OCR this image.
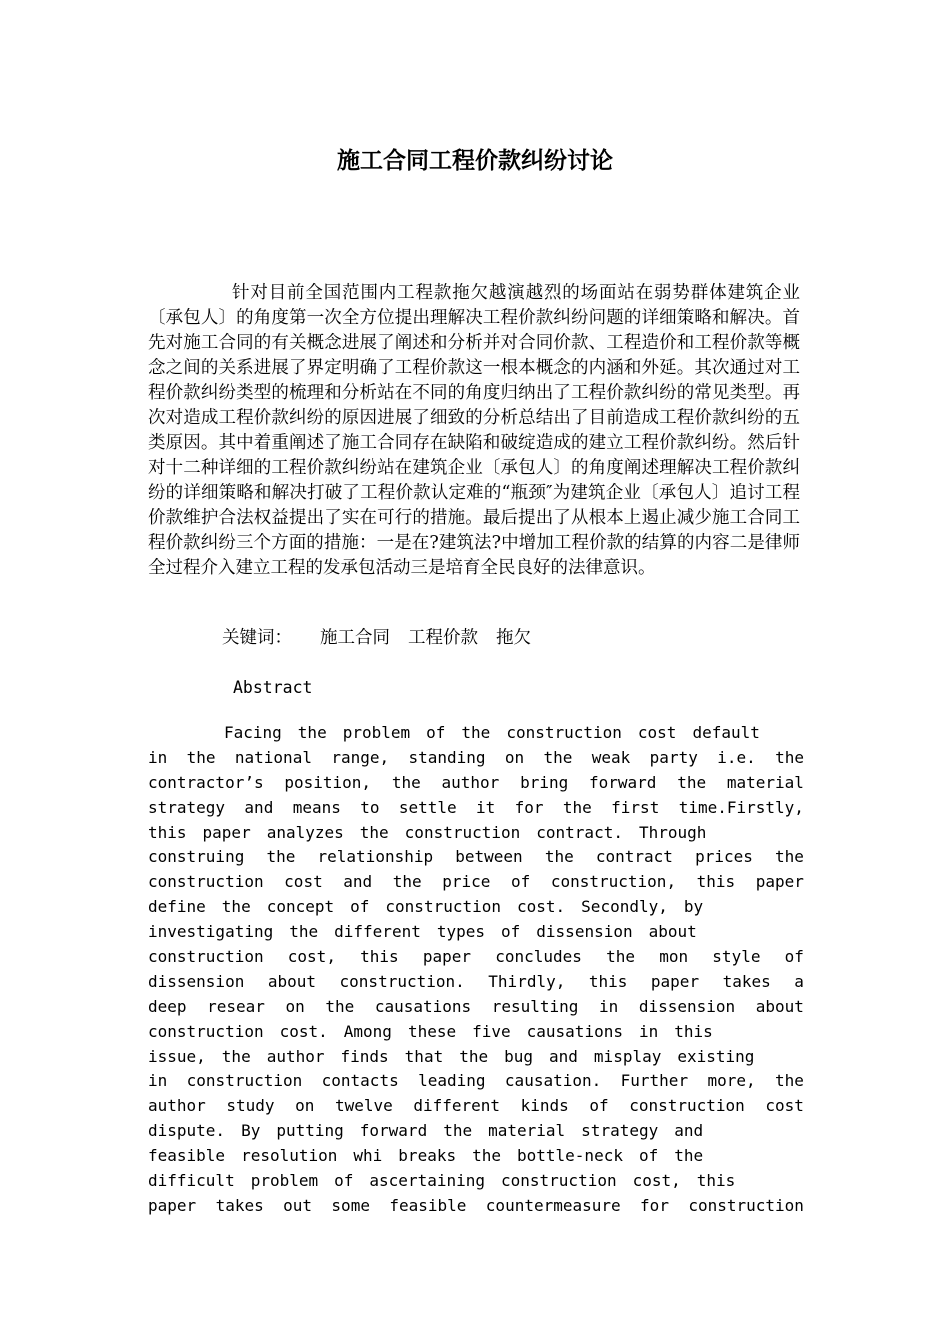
施工合同工程价款纠纷讨论

针对目前全国范围内工程款拖欠越演越烈的场面站在弱势群体建筑企业〔承包人〕的角度第一次全方位提出理解决工程价款纠纷问题的详细策略和解决。首先对施工合同的有关概念进展了阐述和分析并对合同价款、工程造价和工程价款等概念之间的关系进展了界定明确了工程价款这一根本概念的内涵和外延。其次通过对工程价款纠纷类型的梳理和分析站在不同的角度归纳出了工程价款纠纷的常见类型。再次对造成工程价款纠纷的原因进展了细致的分析总结出了目前造成工程价款纠纷的五类原因。其中着重阐述了施工合同存在缺陷和破绽造成的建立工程价款纠纷。然后针对十二种详细的工程价款纠纷站在建筑企业〔承包人〕的角度阐述理解决工程价款纠纷的详细策略和解决打破了工程价款认定难的“瓶颈″为建筑企业〔承包人〕追讨工程价款维护合法权益提出了实在可行的措施。最后提出了从根本上遏止减少施工合同工程价款纠纷三个方面的措施：一是在?建筑法?中增加工程价款的结算的内容二是律师全过程介入建立工程的发承包活动三是培育全民良好的法律意识。

关键词： 施工合同 工程价款 拖欠
Abstract
Facing the problem of the construction cost default
in the national range, standing on the weak party i.e. the
contractor’s position, the author bring forward the material
strategy and means to settle it for the first time.Firstly,
this paper analyzes the construction contract. Through
construing the relationship between the contract prices the
construction cost and the price of construction, this paper
define the concept of construction cost. Secondly, by
investigating the different types of dissension about
construction cost, this paper concludes the mon style of
dissension about construction. Thirdly, this paper takes a
deep resear on the causations resulting in dissension about
construction cost. Among these five causations in this
issue, the author finds that the bug and misplay existing
in construction contacts leading causation. Further more, the
author study on twelve different kinds of construction cost
dispute. By putting forward the material strategy and
feasible resolution whi breaks the bottle-neck of the
difficult problem of ascertaining construction cost, this
paper takes out some feasible countermeasure for construction
